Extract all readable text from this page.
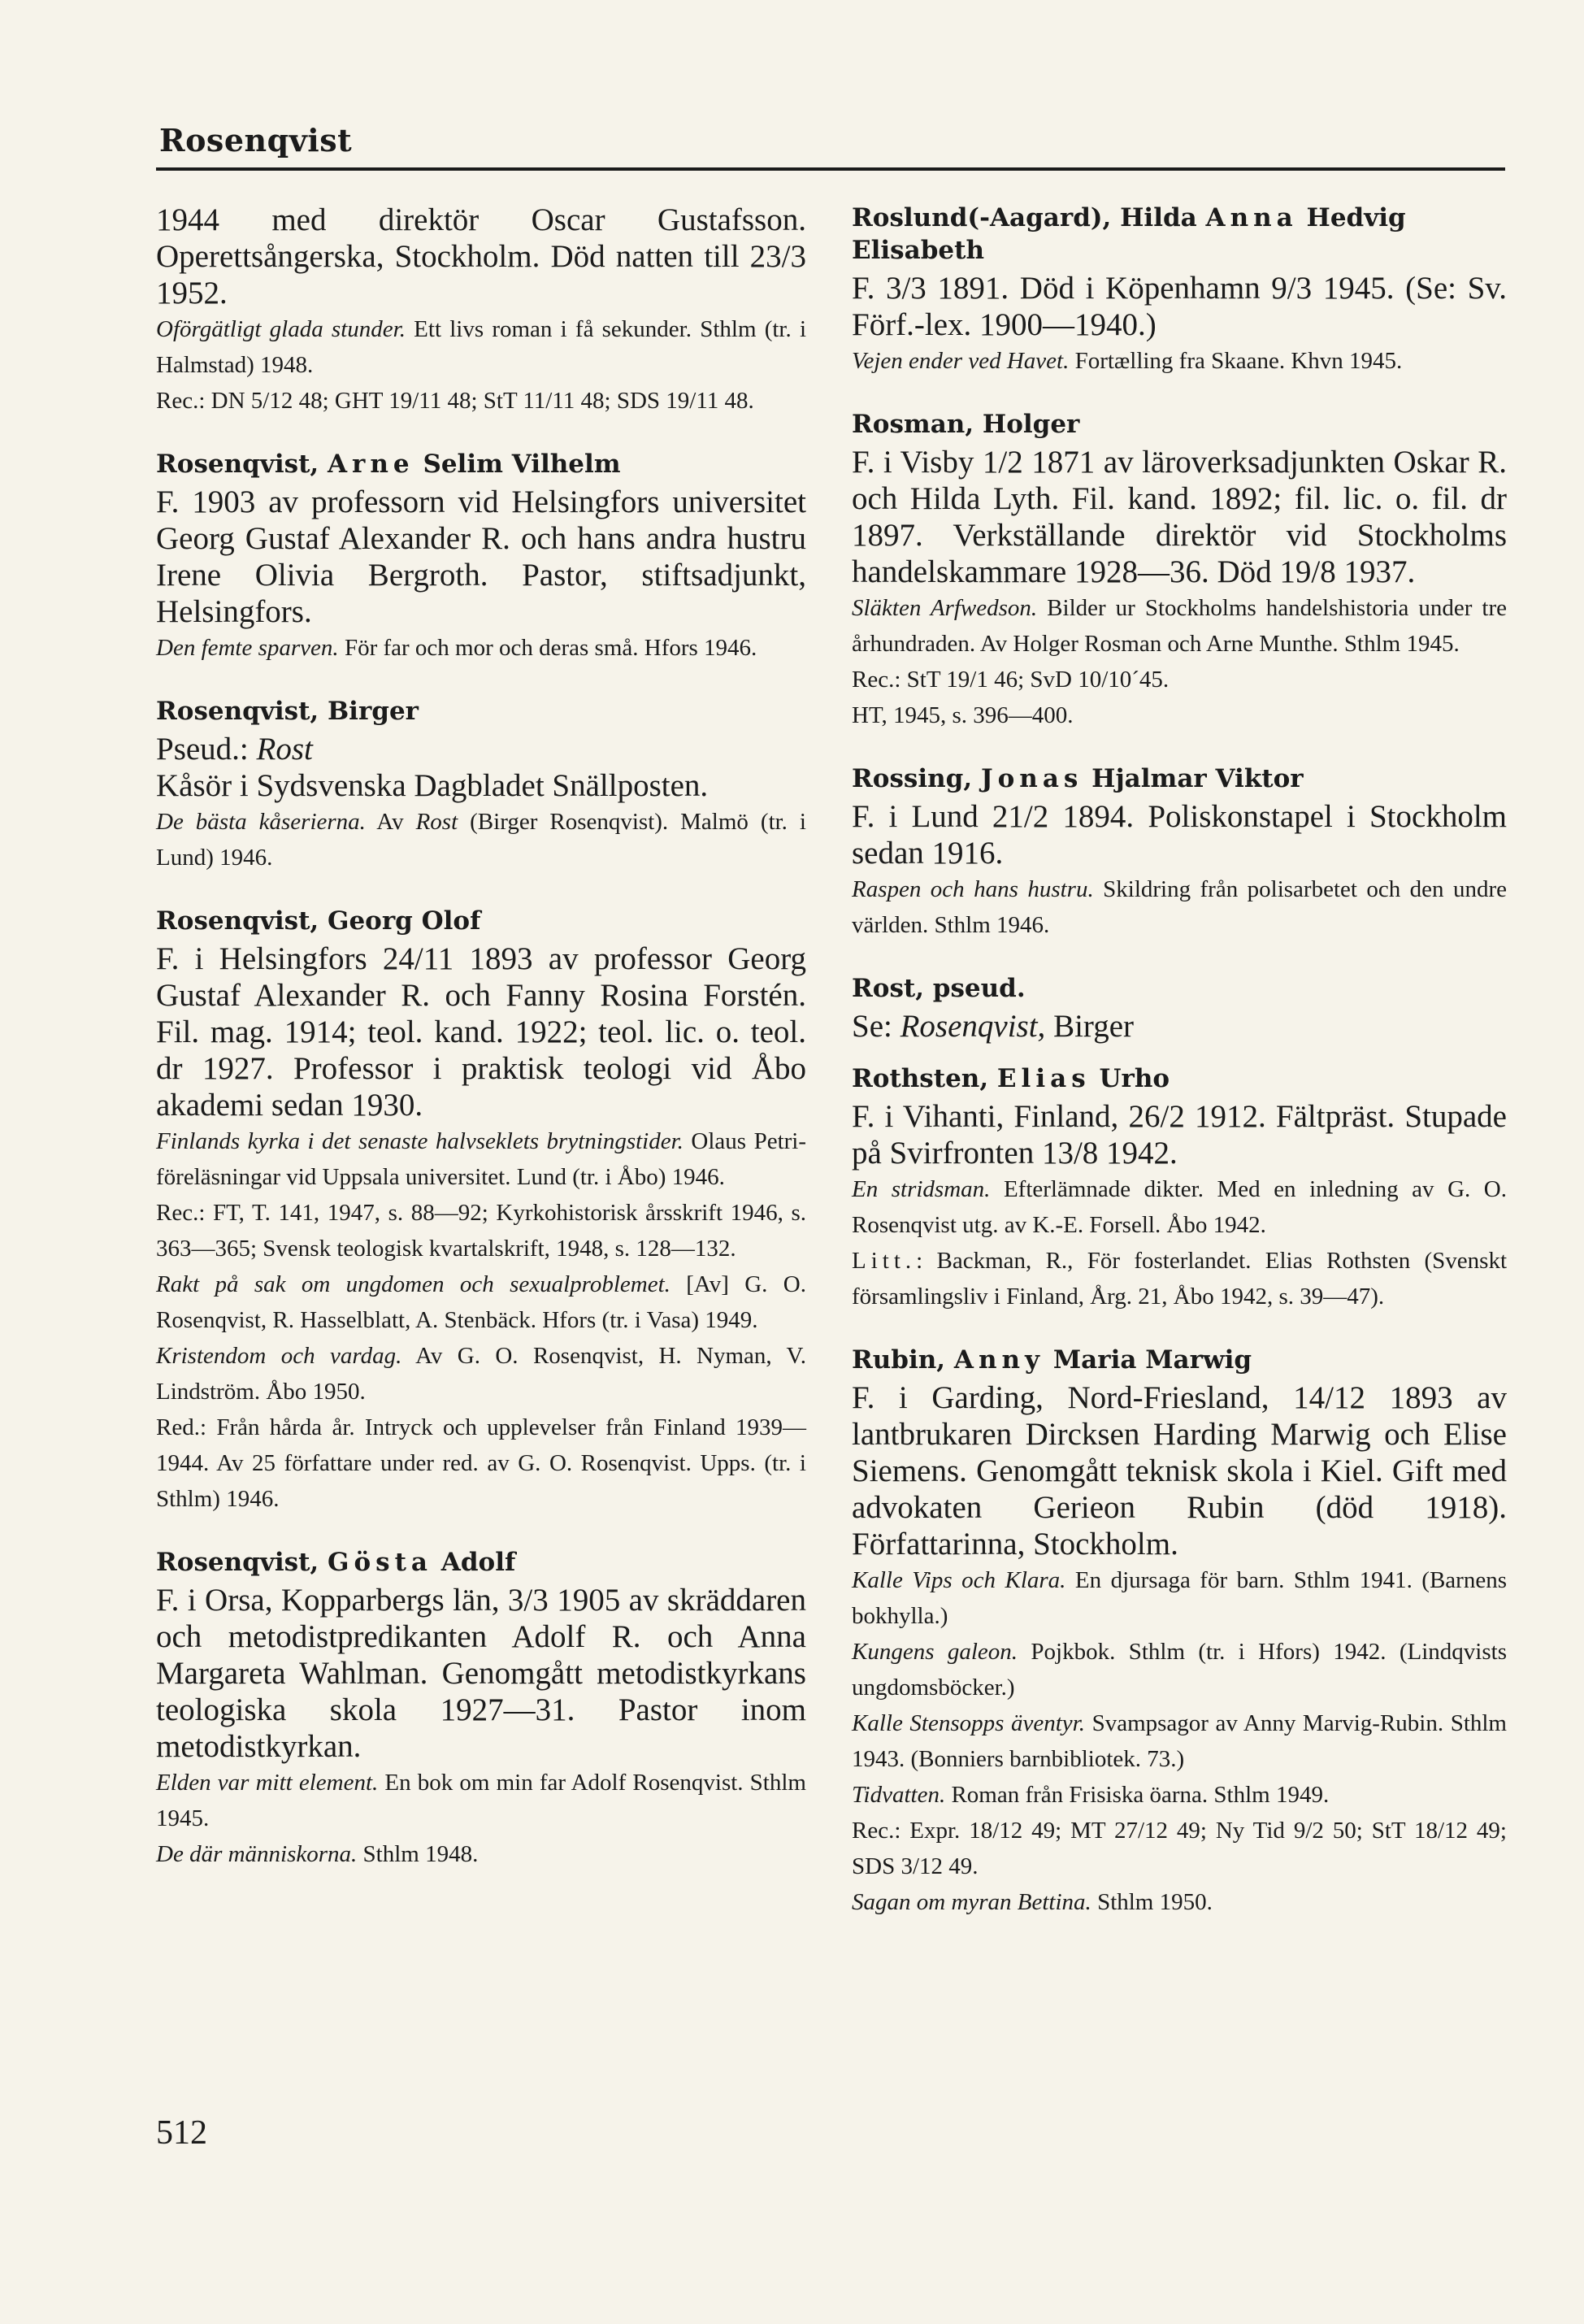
Rosenqvist

1944 med direktör Oscar Gustafsson. Operettsångerska, Stockholm. Död natten till 23/3 1952.

Oförgätligt glada stunder. Ett livs roman i få sekunder. Sthlm (tr. i Halmstad) 1948.

Rec.: DN 5/12 48; GHT 19/11 48; StT 11/11 48; SDS 19/11 48.

Rosenqvist, Arne Selim Vilhelm

F. 1903 av professorn vid Helsingfors universitet Georg Gustaf Alexander R. och hans andra hustru Irene Olivia Bergroth. Pastor, stiftsadjunkt, Helsingfors.

Den femte sparven. För far och mor och deras små. Hfors 1946.

Rosenqvist, Birger

Pseud.: Rost

Kåsör i Sydsvenska Dagbladet Snällposten.

De bästa kåserierna. Av Rost (Birger Rosenqvist). Malmö (tr. i Lund) 1946.

Rosenqvist, Georg Olof

F. i Helsingfors 24/11 1893 av professor Georg Gustaf Alexander R. och Fanny Rosina Forstén. Fil. mag. 1914; teol. kand. 1922; teol. lic. o. teol. dr 1927. Professor i praktisk teologi vid Åbo akademi sedan 1930.

Finlands kyrka i det senaste halvseklets brytningstider. Olaus Petri-föreläsningar vid Uppsala universitet. Lund (tr. i Åbo) 1946.

Rec.: FT, T. 141, 1947, s. 88—92; Kyrkohistorisk årsskrift 1946, s. 363—365; Svensk teologisk kvartalskrift, 1948, s. 128—132.

Rakt på sak om ungdomen och sexualproblemet. [Av] G. O. Rosenqvist, R. Hasselblatt, A. Stenbäck. Hfors (tr. i Vasa) 1949.

Kristendom och vardag. Av G. O. Rosenqvist, H. Nyman, V. Lindström. Åbo 1950.

Red.: Från hårda år. Intryck och upplevelser från Finland 1939—1944. Av 25 författare under red. av G. O. Rosenqvist. Upps. (tr. i Sthlm) 1946.

Rosenqvist, Gösta Adolf

F. i Orsa, Kopparbergs län, 3/3 1905 av skräddaren och metodistpredikanten Adolf R. och Anna Margareta Wahlman. Genomgått metodistkyrkans teologiska skola 1927—31. Pastor inom metodistkyrkan.

Elden var mitt element. En bok om min far Adolf Rosenqvist. Sthlm 1945.

De där människorna. Sthlm 1948.

Roslund(-Aagard), Hilda Anna Hedvig Elisabeth

F. 3/3 1891. Död i Köpenhamn 9/3 1945. (Se: Sv. Förf.-lex. 1900—1940.)

Vejen ender ved Havet. Fortælling fra Skaane. Khvn 1945.

Rosman, Holger

F. i Visby 1/2 1871 av läroverksadjunkten Oskar R. och Hilda Lyth. Fil. kand. 1892; fil. lic. o. fil. dr 1897. Verkställande direktör vid Stockholms handelskammare 1928—36. Död 19/8 1937.

Släkten Arfwedson. Bilder ur Stockholms handelshistoria under tre århundraden. Av Holger Rosman och Arne Munthe. Sthlm 1945.

Rec.: StT 19/1 46; SvD 10/10´45.

HT, 1945, s. 396—400.

Rossing, Jonas Hjalmar Viktor

F. i Lund 21/2 1894. Poliskonstapel i Stockholm sedan 1916.

Raspen och hans hustru. Skildring från polisarbetet och den undre världen. Sthlm 1946.

Rost, pseud.

Se: Rosenqvist, Birger

Rothsten, Elias Urho

F. i Vihanti, Finland, 26/2 1912. Fältpräst. Stupade på Svirfronten 13/8 1942.

En stridsman. Efterlämnade dikter. Med en inledning av G. O. Rosenqvist utg. av K.-E. Forsell. Åbo 1942.

Litt.: Backman, R., För fosterlandet. Elias Rothsten (Svenskt församlingsliv i Finland, Årg. 21, Åbo 1942, s. 39—47).

Rubin, Anny Maria Marwig

F. i Garding, Nord-Friesland, 14/12 1893 av lantbrukaren Dircksen Harding Marwig och Elise Siemens. Genomgått teknisk skola i Kiel. Gift med advokaten Gerieon Rubin (död 1918). Författarinna, Stockholm.

Kalle Vips och Klara. En djursaga för barn. Sthlm 1941. (Barnens bokhylla.)

Kungens galeon. Pojkbok. Sthlm (tr. i Hfors) 1942. (Lindqvists ungdomsböcker.)

Kalle Stensopps äventyr. Svampsagor av Anny Marvig-Rubin. Sthlm 1943. (Bonniers barnbibliotek. 73.)

Tidvatten. Roman från Frisiska öarna. Sthlm 1949.

Rec.: Expr. 18/12 49; MT 27/12 49; Ny Tid 9/2 50; StT 18/12 49; SDS 3/12 49.

Sagan om myran Bettina. Sthlm 1950.

512
